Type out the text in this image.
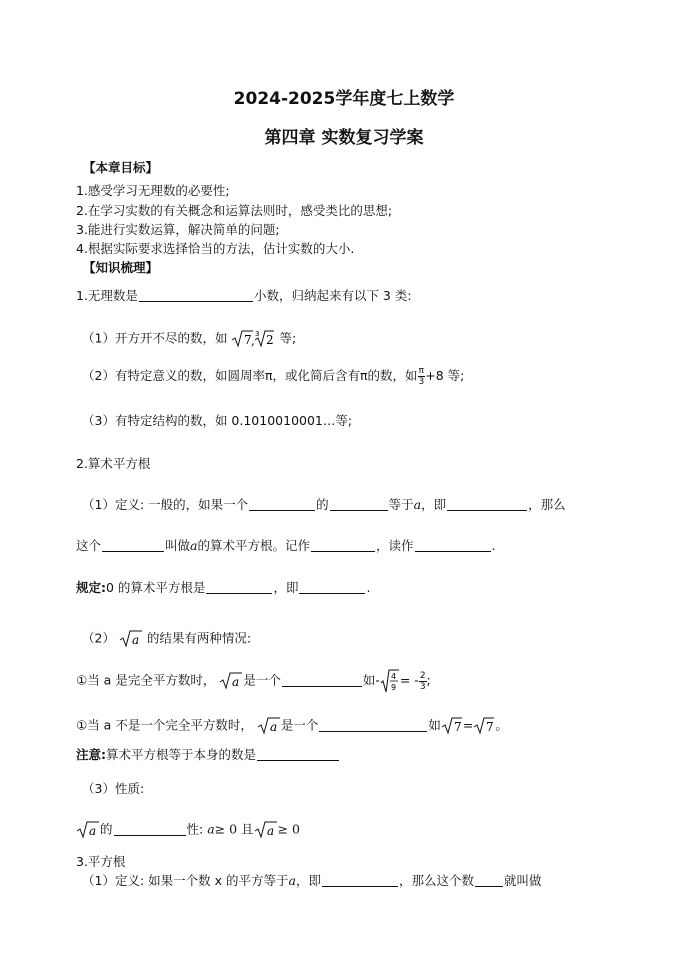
2024-2025学年度七上数学
第四章 实数复习学案
【本章目标】
1.感受学习无理数的必要性;
2.在学习实数的有关概念和运算法则时，感受类比的思想;
3.能进行实数运算，解决简单的问题;
4.根据实际要求选择恰当的方法，估计实数的大小.
【知识梳理】
1.无理数是	小数，归纳起来有以下 3 类:
（1）开方开不尽的数，如 7 , 3 2 等;
（2）有特定意义的数，如圆周率π，或化简后含有π的数，如 $\frac{\pi}{3} +8$ 等;
（3）有特定结构的数，如 0.1010010001…等;
2.算术平方根
（1）定义: 一般的，如果一个	的	等于a，即	，那么
这个	叫做a的算术平方根。记作	，读作	.
规定:0 的算术平方根是	，即	.
（2） a 的结果有两种情况:
①当 a 是完全平方数时， a 是一个	如- 4
9 = - $\frac{2}{3}$ ;
①当 a 不是一个完全平方数时， a 是一个	如 7 = 7 。
注意:算术平方根等于本身的数是
（3）性质:
a 的	性: a≥ 0 且 a ≥ 0
3.平方根
（1）定义: 如果一个数 x 的平方等于a，即	，那么这个数 就叫做
